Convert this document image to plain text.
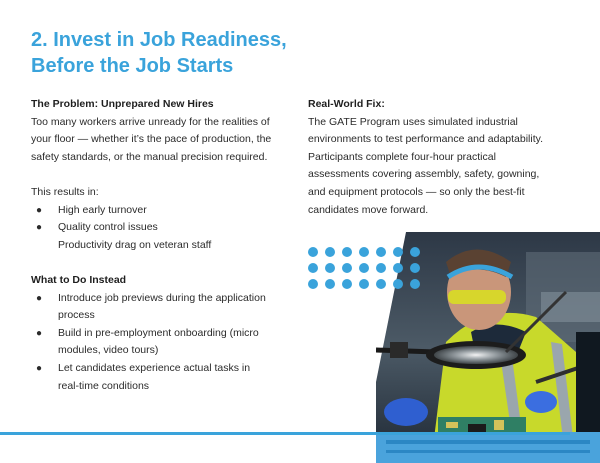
2. Invest in Job Readiness,
Before the Job Starts

The Problem: Unprepared New Hires

Too many workers arrive unready for the realities of
your floor — whether it’s the pace of production, the
safety standards, or the manual precision required.

This results in:

● High early turnover
● Quality control issues
Productivity drag on veteran staff

What to Do Instead

● Introduce job previews during the application
process
● Build in pre-employment onboarding (micro
modules, video tours)
● Let candidates experience actual tasks in
real-time conditions

Real-World Fix:

The GATE Program uses simulated industrial
environments to test performance and adaptability.
Participants complete four-hour practical
assessments covering assembly, safety, gowning,
and equipment protocols — so only the best-fit
candidates move forward.
